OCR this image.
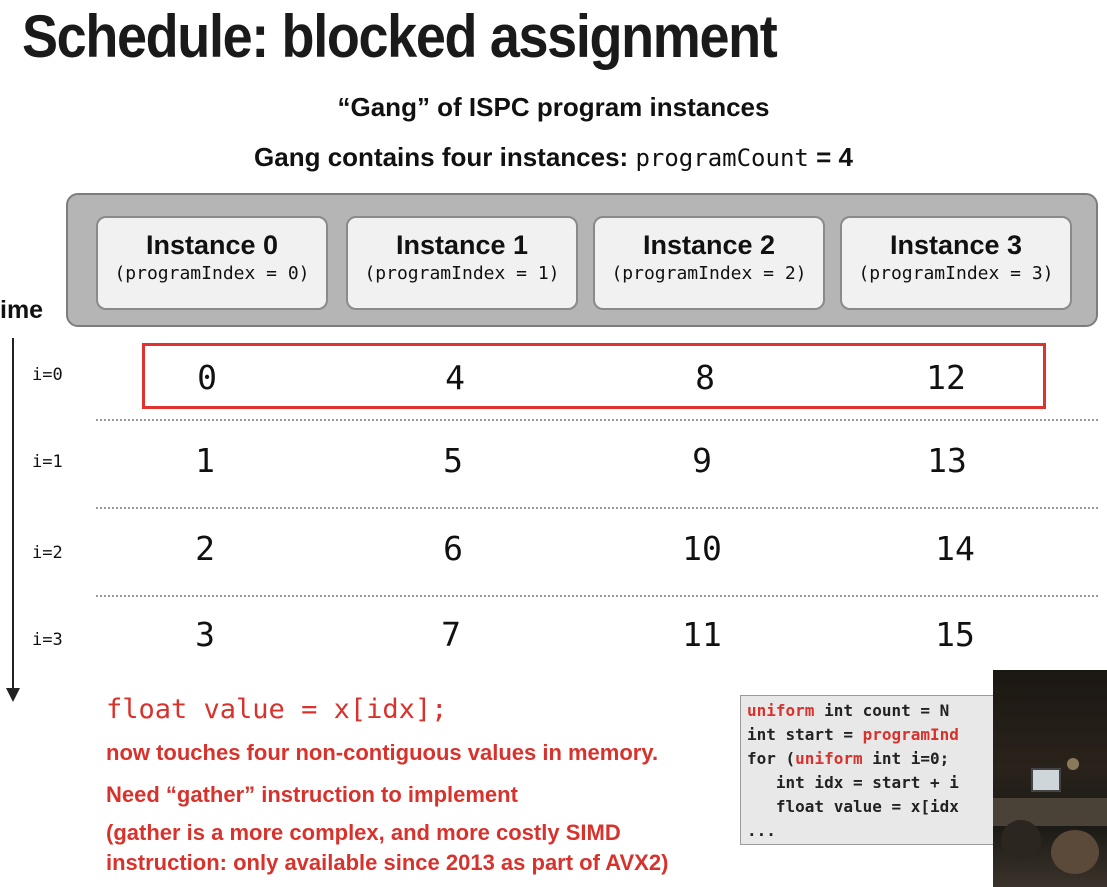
Schedule: blocked assignment
“Gang” of ISPC program instances
Gang contains four instances: programCount = 4
Instance 0
(programIndex = 0)
Instance 1
(programIndex = 1)
Instance 2
(programIndex = 2)
Instance 3
(programIndex = 3)
ime
i=0
i=1
i=2
i=3
0	4	8	12
1	5	9	13
2	6	10	14
3	7	11	15
float value = x[idx];
now touches four non-contiguous values in memory.
Need “gather” instruction to implement
(gather is a more complex, and more costly SIMD
instruction: only available since 2013 as part of AVX2)
uniform int count = N
int start = programInd
for (uniform int i=0;
int idx = start + i
float value = x[idx
...
